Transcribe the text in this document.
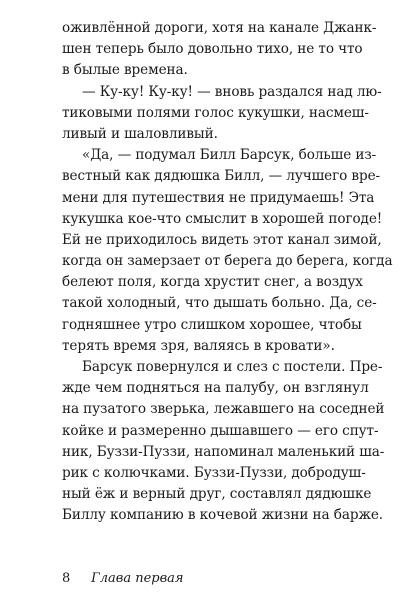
оживлённой дороги, хотя на канале Джанк-
шен теперь было довольно тихо, не то что
в былые времена.
— Ку-ку! Ку-ку! — вновь раздался над лю-
тиковыми полями голос кукушки, насмеш-
ливый и шаловливый.
«Да, — подумал Билл Барсук, больше из-
вестный как дядюшка Билл, — лучшего вре-
мени для путешествия не придумаешь! Эта
кукушка кое-что смыслит в хорошей погоде!
Ей не приходилось видеть этот канал зимой,
когда он замерзает от берега до берега, когда
белеют поля, когда хрустит снег, а воздух
такой холодный, что дышать больно. Да, се-
годняшнее утро слишком хорошее, чтобы
терять время зря, валяясь в кровати».
Барсук повернулся и слез с постели. Пре-
жде чем подняться на палубу, он взглянул
на пузатого зверька, лежавшего на соседней
койке и размеренно дышавшего — его спут-
ник, Буззи-Пуззи, напоминал маленький ша-
рик с колючками. Буззи-Пуззи, добродуш-
ный ёж и верный друг, составлял дядюшке
Биллу компанию в кочевой жизни на барже.
8 Глава первая
